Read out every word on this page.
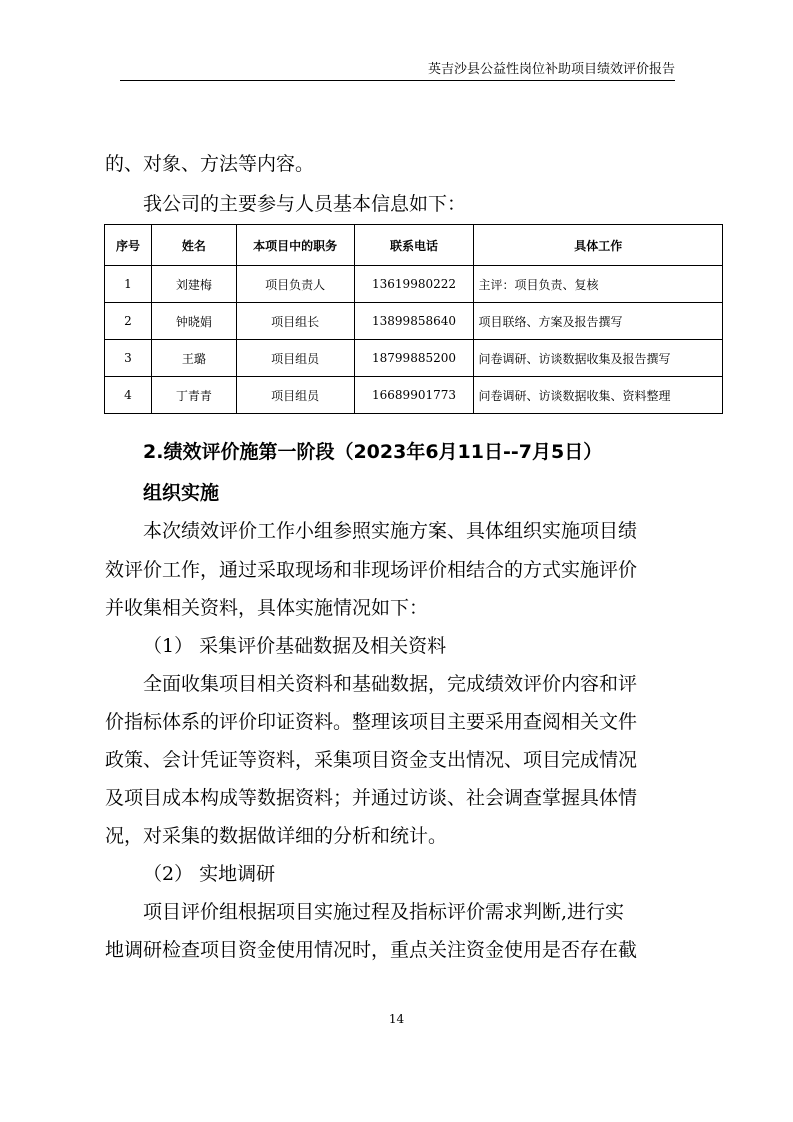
英吉沙县公益性岗位补助项目绩效评价报告
的、对象、方法等内容。
我公司的主要参与人员基本信息如下：
序号	姓名	本项目中的职务	联系电话	具体工作
1	刘建梅	项目负责人	13619980222	主评：项目负责、复核
2	钟晓娟	项目组长	13899858640	项目联络、方案及报告撰写
3	王璐	项目组员	18799885200	问卷调研、访谈数据收集及报告撰写
4	丁青青	项目组员	16689901773	问卷调研、访谈数据收集、资料整理
2.绩效评价施第一阶段（2023年6月11日--7月5日）
组织实施
本次绩效评价工作小组参照实施方案、具体组织实施项目绩
效评价工作，通过采取现场和非现场评价相结合的方式实施评价
并收集相关资料，具体实施情况如下：
（1） 采集评价基础数据及相关资料
全面收集项目相关资料和基础数据，完成绩效评价内容和评
价指标体系的评价印证资料。整理该项目主要采用查阅相关文件
政策、会计凭证等资料，采集项目资金支出情况、项目完成情况
及项目成本构成等数据资料；并通过访谈、社会调查掌握具体情
况，对采集的数据做详细的分析和统计。
（2） 实地调研
项目评价组根据项目实施过程及指标评价需求判断,进行实
地调研检查项目资金使用情况时，重点关注资金使用是否存在截
14
